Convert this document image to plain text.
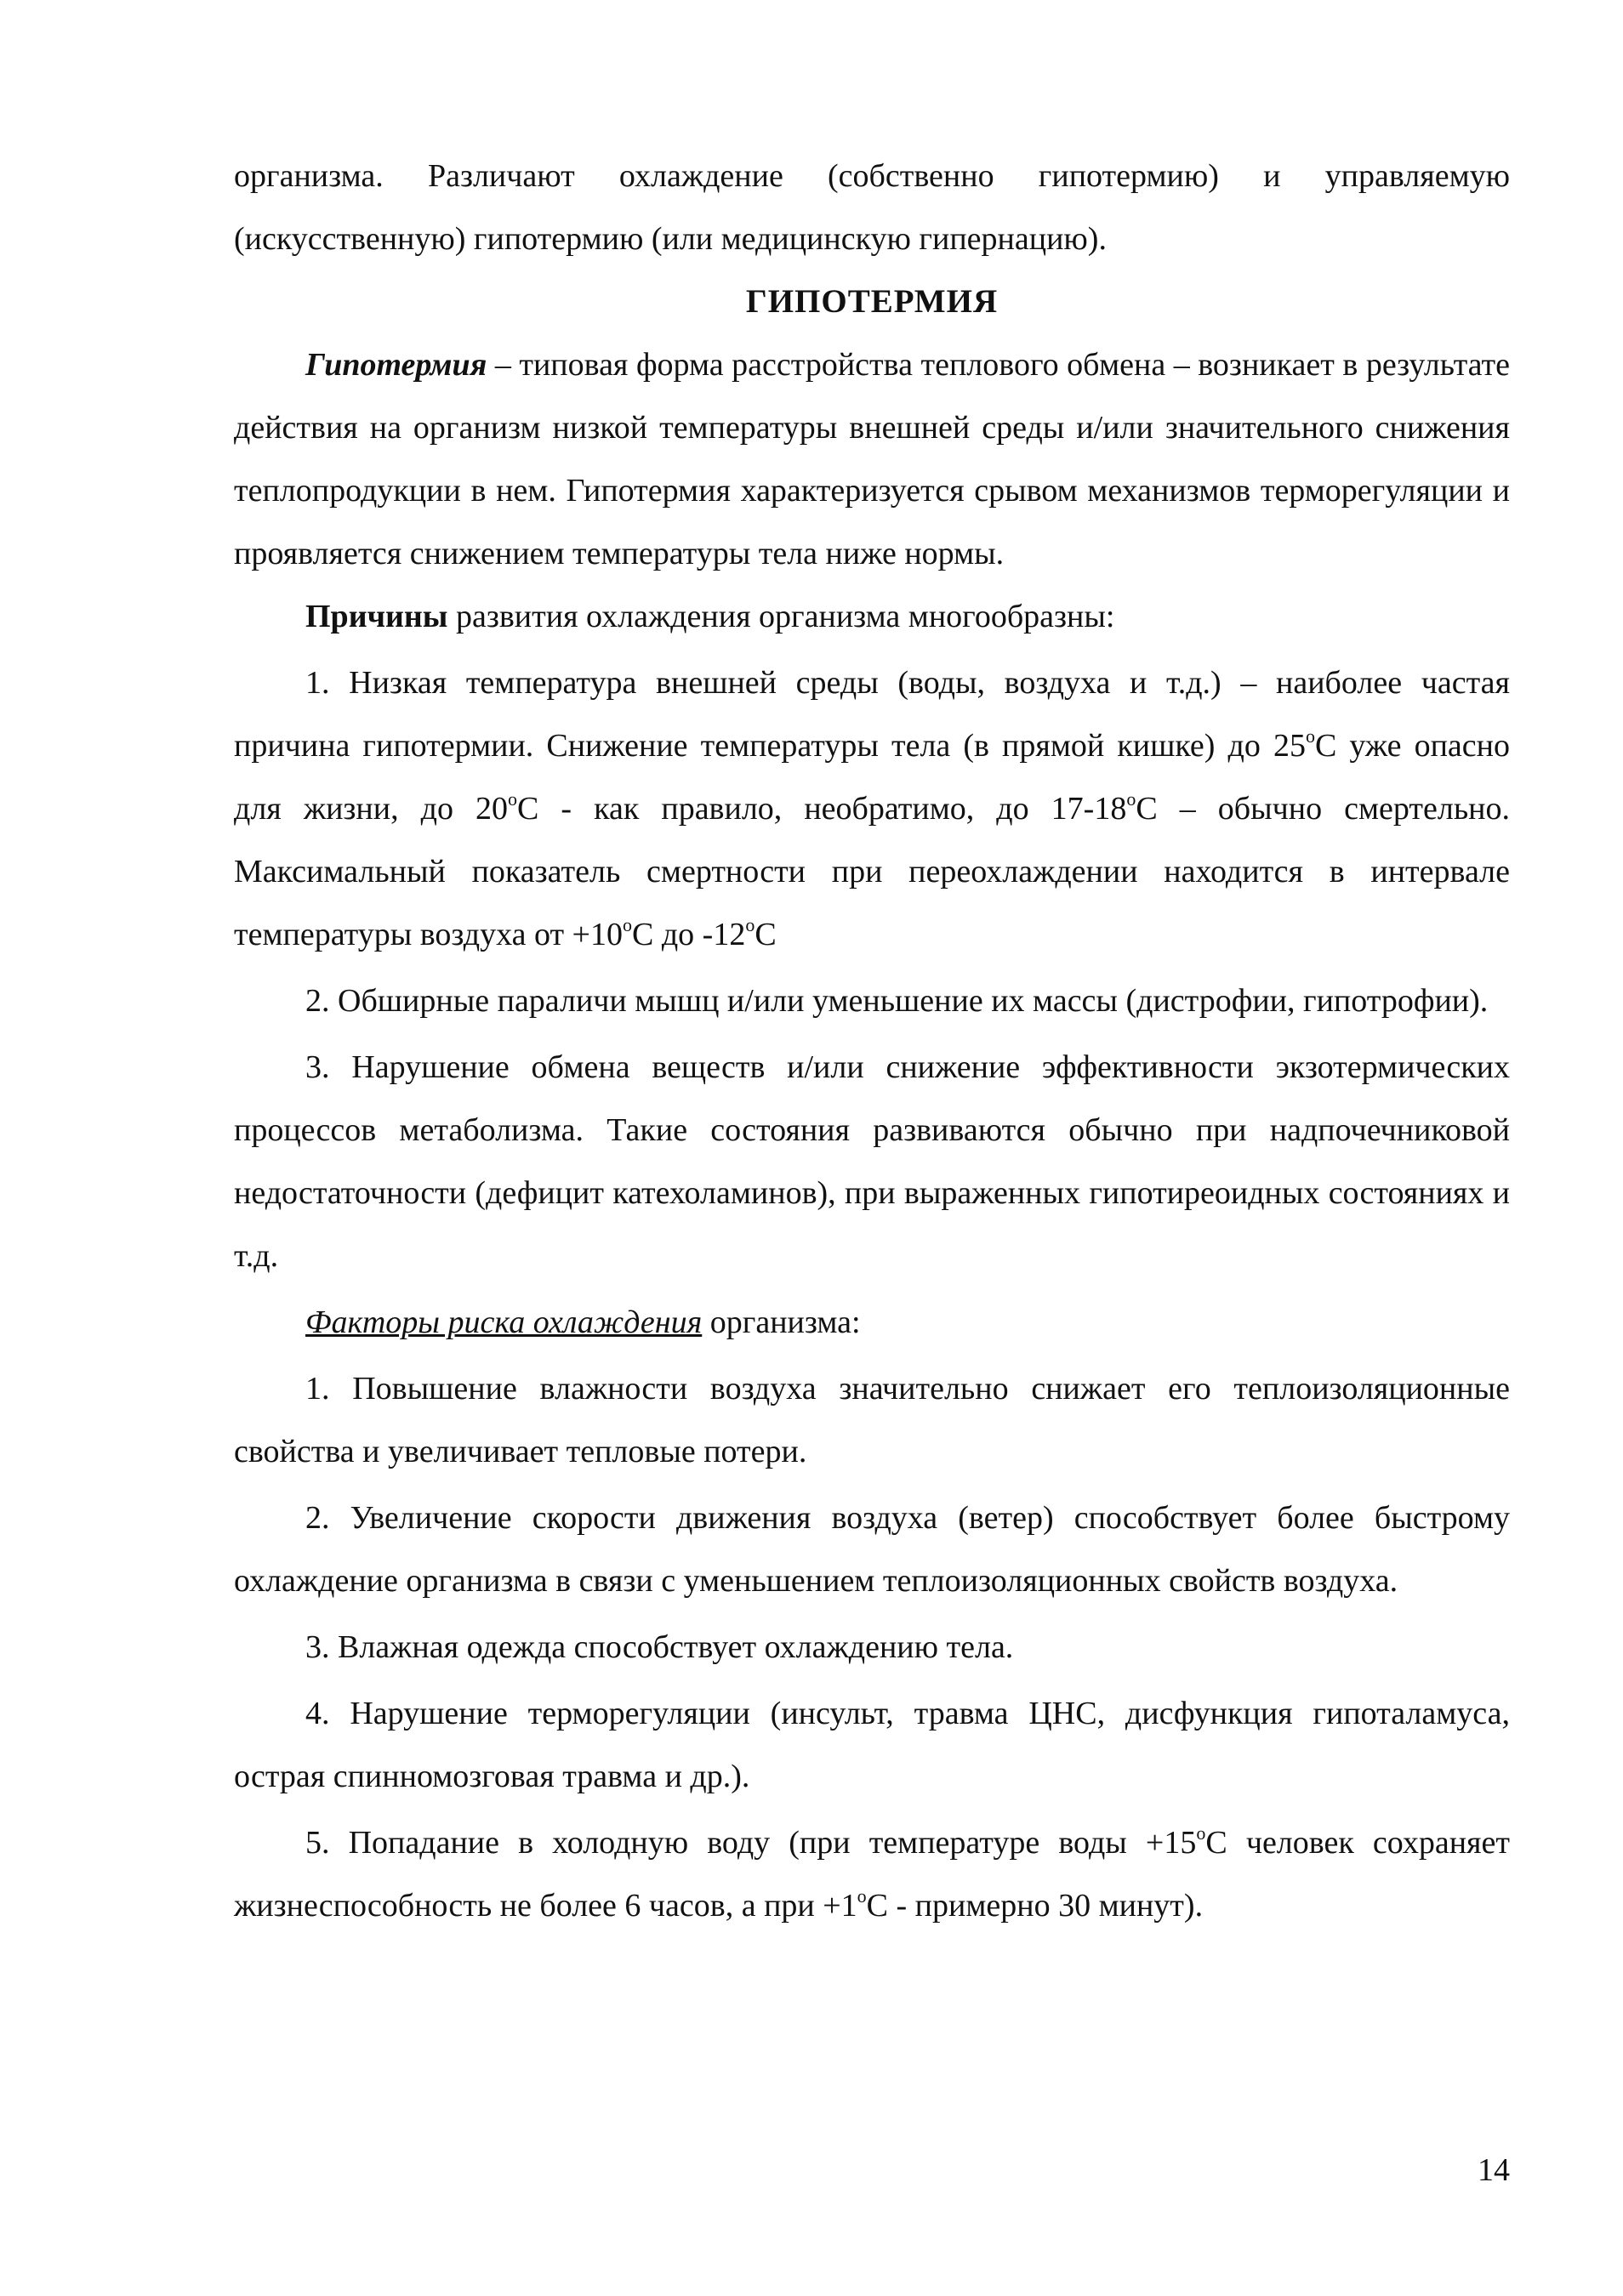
организма. Различают охлаждение (собственно гипотермию) и управляемую (искусственную) гипотермию (или медицинскую гипернацию).

ГИПОТЕРМИЯ

Гипотермия – типовая форма расстройства теплового обмена – возникает в результате действия на организм низкой температуры внешней среды и/или значительного снижения теплопродукции в нем. Гипотермия характеризуется срывом механизмов терморегуляции и проявляется снижением температуры тела ниже нормы.

Причины развития охлаждения организма многообразны:

1. Низкая температура внешней среды (воды, воздуха и т.д.) – наиболее частая причина гипотермии. Снижение температуры тела (в прямой кишке) до 25$^o$С уже опасно для жизни, до 20$^o$С - как правило, необратимо, до 17-18$^o$С – обычно смертельно. Максимальный показатель смертности при переохлаждении находится в интервале температуры воздуха от $+10^oС$ до -12$^o$С

2. Обширные параличи мышц и/или уменьшение их массы (дистрофии, гипотрофии).

3. Нарушение обмена веществ и/или снижение эффективности экзотермических процессов метаболизма. Такие состояния развиваются обычно при надпочечниковой недостаточности (дефицит катехоламинов), при выраженных гипотиреоидных состояниях и т.д.

Факторы риска охлаждения организма:

1. Повышение влажности воздуха значительно снижает его теплоизоляционные свойства и увеличивает тепловые потери.

2. Увеличение скорости движения воздуха (ветер) способствует более быстрому охлаждение организма в связи с уменьшением теплоизоляционных свойств воздуха.

3. Влажная одежда способствует охлаждению тела.

4. Нарушение терморегуляции (инсульт, травма ЦНС, дисфункция гипоталамуса, острая спинномозговая травма и др.).

5. Попадание в холодную воду (при температуре воды $+15^oС$ человек сохраняет жизнеспособность не более 6 часов, а при $+1^oС$ - примерно 30 минут).

14
